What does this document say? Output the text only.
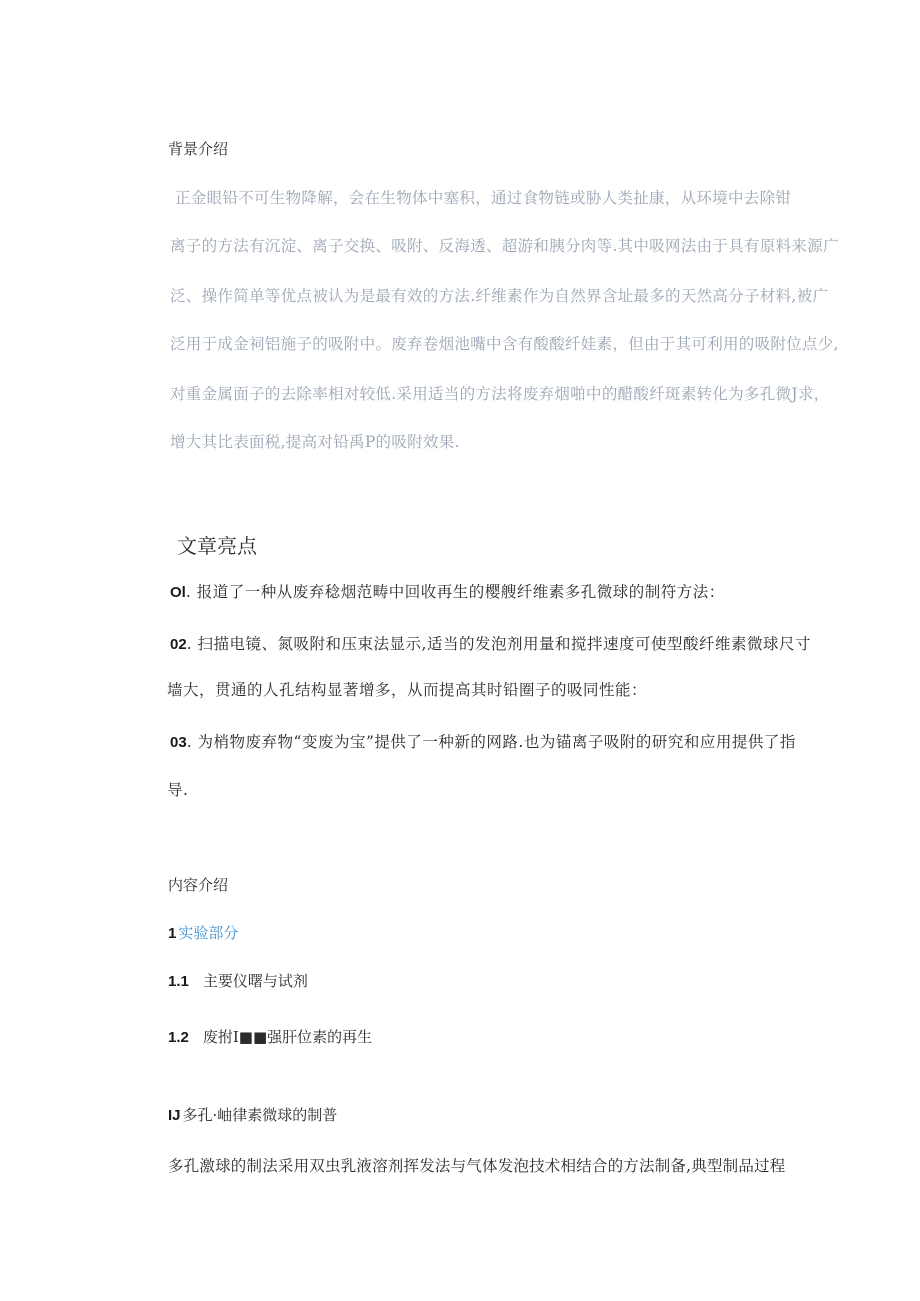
背景介绍
正金眼铅不可生物降解，会在生物体中塞积，通过食物链或胁人类扯康，从环境中去除钳
离子的方法有沉淀、离子交换、吸附、反海透、超游和胰分肉等.其中吸网法由于具有原料来源广
泛、操作简单等优点被认为是最有效的方法.纤维素作为自然界含址最多的天然高分子材料,被广
泛用于成金祠铝施子的吸附中。废弃卷烟池嘴中含有酸酸纤娃素，但由于其可利用的吸附位点少,
对重金属面子的去除率相对较低.采用适当的方法将废弃烟啪中的醋酸纤斑素转化为多孔微J求，
增大其比表面税,提高对铅禹P的吸附效果.
文章亮点
Ol. 报道了一种从废弃稔烟范畴中回收再生的樱艘纤维素多孔微球的制符方法：
02. 扫描电镜、氮吸附和压束法显示,适当的发泡剂用量和搅拌速度可使型酸纤维素微球尺寸
墙大，贯通的人孔结构显著增多，从而提高其时铅圈子的吸同性能：
03. 为梢物废弃物“变废为宝”提供了一种新的网路.也为锚离子吸附的研究和应用提供了指
导.
内容介绍
1 实验部分
1.1 主要仪曙与试剂
1.2 废拊I■■强肝位素的再生
IJ 多孔·岫律素微球的制普
多孔激球的制法采用双虫乳液溶剂挥发法与气体发泡技术相结合的方法制备,典型制品过程
